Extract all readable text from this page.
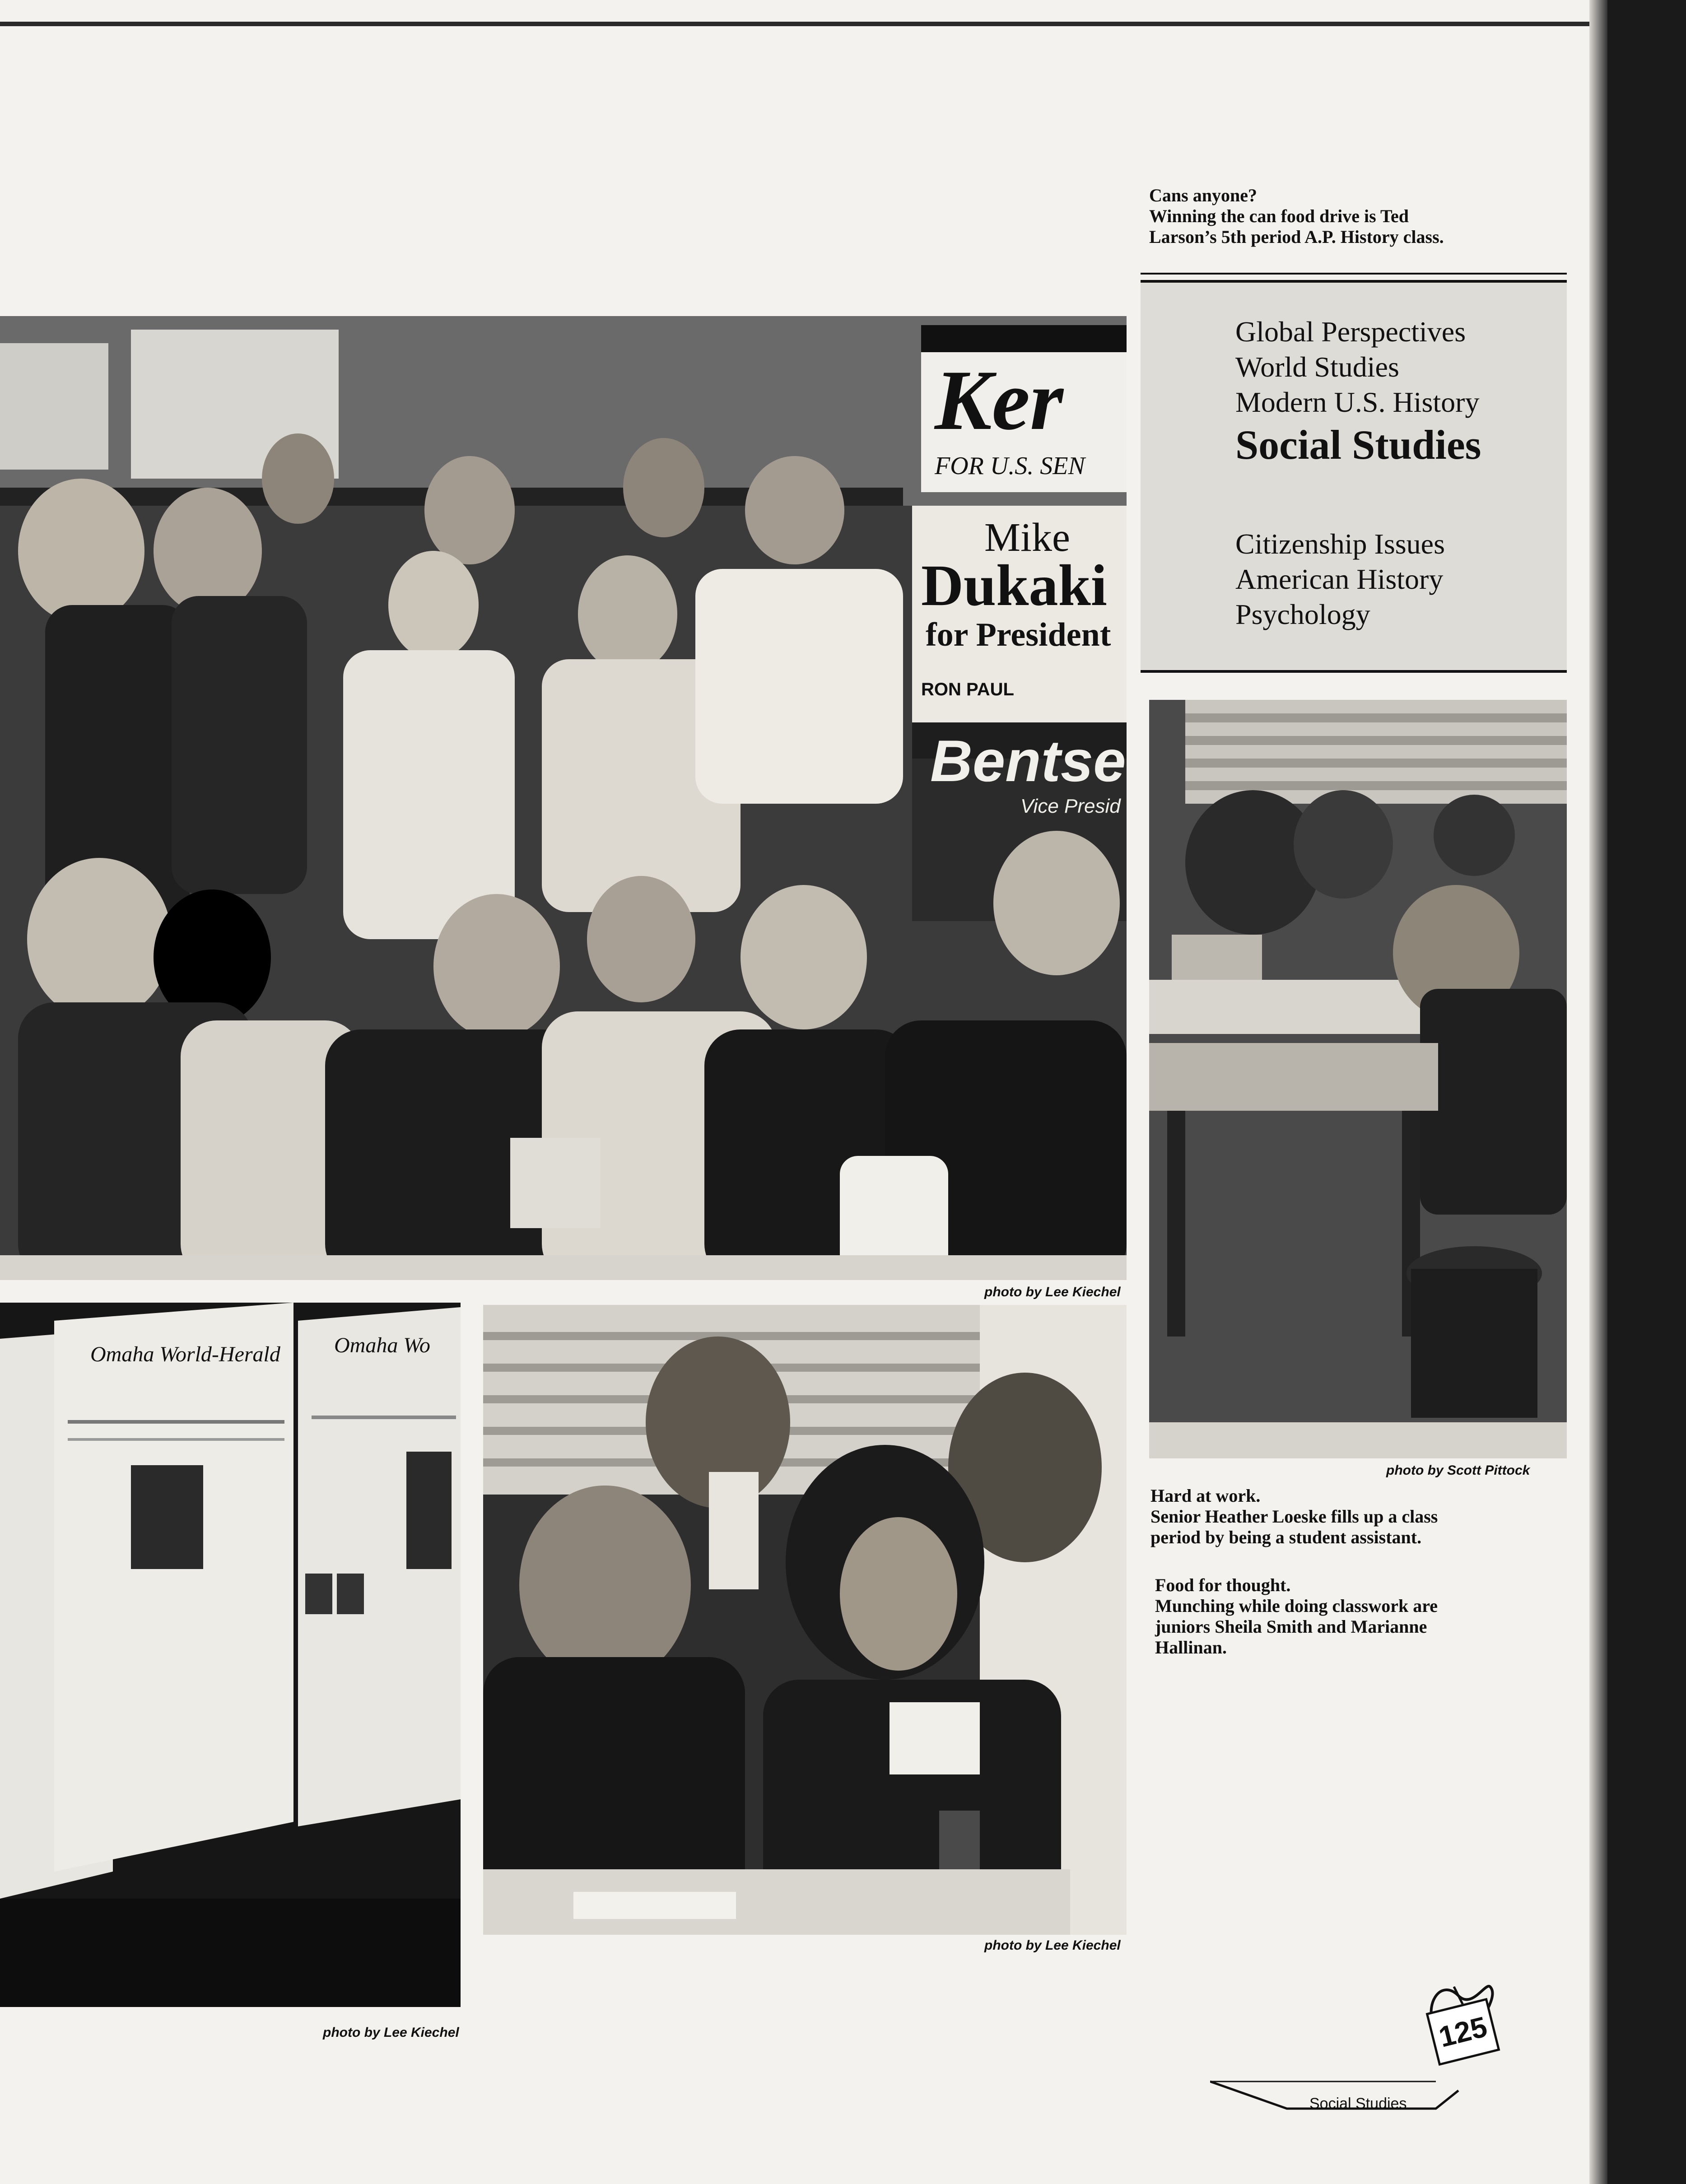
Cans anyone?
Winning the can food drive is Ted
Larson’s 5th period A.P. History class.
Global Perspectives
World Studies
Modern U.S. History
Social Studies
Citizenship Issues
American History
Psychology
Ker
FOR U.S. SEN
Mike
Dukaki
for President
RON PAUL
Bentse
Vice Presid
photo by Lee Kiechel
photo by Scott Pittock
Hard at work.
Senior Heather Loeske fills up a class
period by being a student assistant.
Food for thought.
Munching while doing classwork are
juniors Sheila Smith and Marianne
Hallinan.
Omaha World-Herald Omaha Wo
photo by Lee Kiechel
photo by Lee Kiechel
125
Social Studies
